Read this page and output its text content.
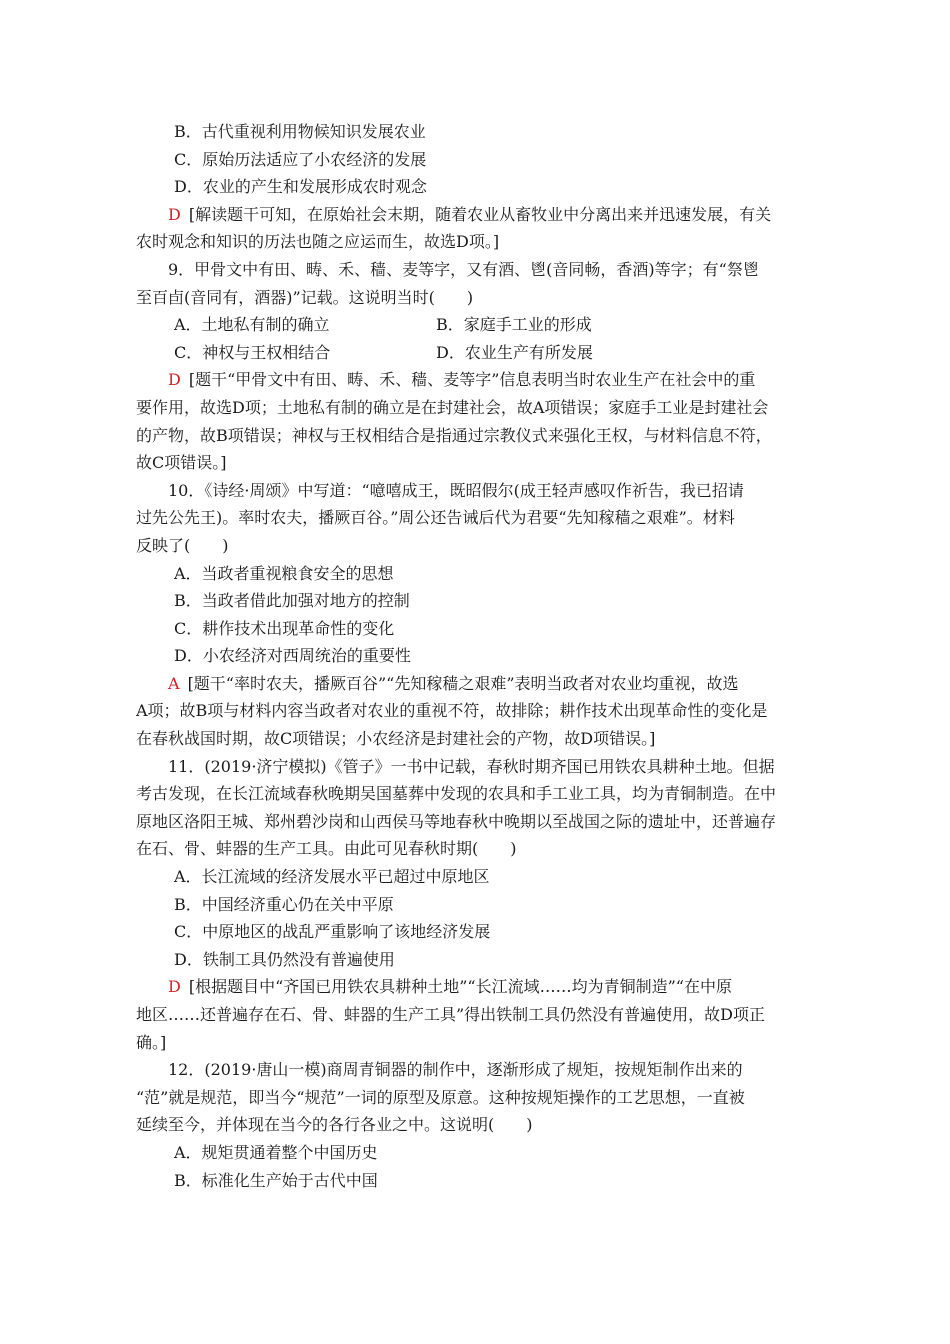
B．古代重视利用物候知识发展农业
C．原始历法适应了小农经济的发展
D．农业的产生和发展形成农时观念
D [解读题干可知，在原始社会末期，随着农业从畜牧业中分离出来并迅速发展，有关
农时观念和知识的历法也随之应运而生，故选D项。]
9．甲骨文中有田、畴、禾、穑、麦等字，又有酒、鬯(音同畅，香酒)等字；有“祭鬯
至百卣(音同有，酒器)”记载。这说明当时(　　)
A．土地私有制的确立	B．家庭手工业的形成
C．神权与王权相结合	D．农业生产有所发展
D [题干“甲骨文中有田、畴、禾、穑、麦等字”信息表明当时农业生产在社会中的重
要作用，故选D项；土地私有制的确立是在封建社会，故A项错误；家庭手工业是封建社会
的产物，故B项错误；神权与王权相结合是指通过宗教仪式来强化王权，与材料信息不符，
故C项错误。]
10．《诗经·周颂》中写道：“噫嘻成王，既昭假尔(成王轻声感叹作祈告，我已招请
过先公先王)。率时农夫，播厥百谷。”周公还告诫后代为君要“先知稼穑之艰难”。材料
反映了(　　)
A．当政者重视粮食安全的思想
B．当政者借此加强对地方的控制
C．耕作技术出现革命性的变化
D．小农经济对西周统治的重要性
A [题干“率时农夫，播厥百谷”“先知稼穑之艰难”表明当政者对农业均重视，故选
A项；故B项与材料内容当政者对农业的重视不符，故排除；耕作技术出现革命性的变化是
在春秋战国时期，故C项错误；小农经济是封建社会的产物，故D项错误。]
11．(2019·济宁模拟)《管子》一书中记载，春秋时期齐国已用铁农具耕种土地。但据
考古发现，在长江流域春秋晚期吴国墓葬中发现的农具和手工业工具，均为青铜制造。在中
原地区洛阳王城、郑州碧沙岗和山西侯马等地春秋中晚期以至战国之际的遗址中，还普遍存
在石、骨、蚌器的生产工具。由此可见春秋时期(　　)
A．长江流域的经济发展水平已超过中原地区
B．中国经济重心仍在关中平原
C．中原地区的战乱严重影响了该地经济发展
D．铁制工具仍然没有普遍使用
D [根据题目中“齐国已用铁农具耕种土地”“长江流域……均为青铜制造”“在中原
地区……还普遍存在石、骨、蚌器的生产工具”得出铁制工具仍然没有普遍使用，故D项正
确。]
12．(2019·唐山一模)商周青铜器的制作中，逐渐形成了规矩，按规矩制作出来的
“范”就是规范，即当今“规范”一词的原型及原意。这种按规矩操作的工艺思想，一直被
延续至今，并体现在当今的各行各业之中。这说明(　　)
A．规矩贯通着整个中国历史
B．标准化生产始于古代中国
